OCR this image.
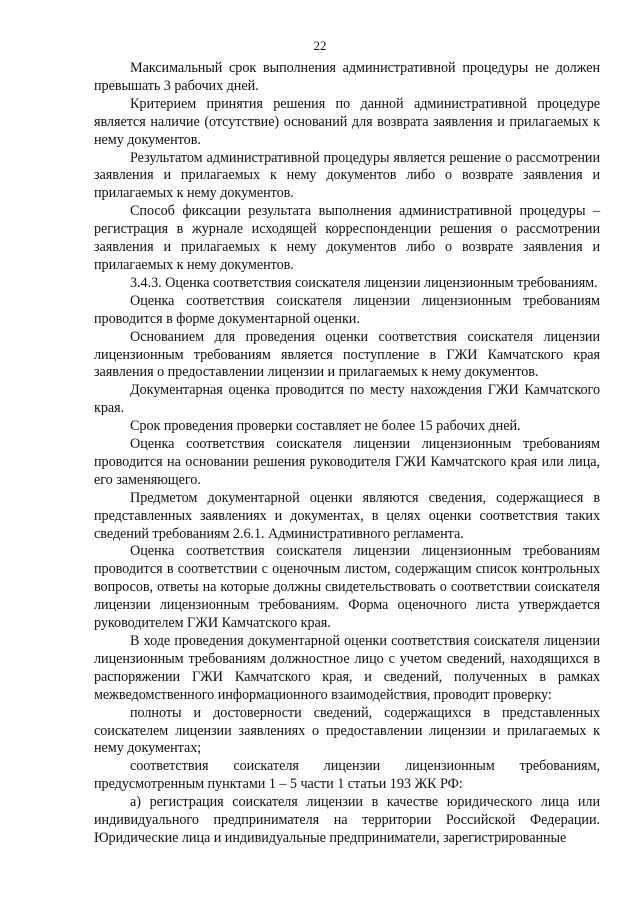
22

Максимальный срок выполнения административной процедуры не должен превышать 3 рабочих дней.

Критерием принятия решения по данной административной процедуре является наличие (отсутствие) оснований для возврата заявления и прилагаемых к нему документов.

Результатом административной процедуры является решение о рассмотрении заявления и прилагаемых к нему документов либо о возврате заявления и прилагаемых к нему документов.

Способ фиксации результата выполнения административной процедуры – регистрация в журнале исходящей корреспонденции решения о рассмотрении заявления и прилагаемых к нему документов либо о возврате заявления и прилагаемых к нему документов.

3.4.3. Оценка соответствия соискателя лицензии лицензионным требованиям.

Оценка соответствия соискателя лицензии лицензионным требованиям проводится в форме документарной оценки.

Основанием для проведения оценки соответствия соискателя лицензии лицензионным требованиям является поступление в ГЖИ Камчатского края заявления о предоставлении лицензии и прилагаемых к нему документов.

Документарная оценка проводится по месту нахождения ГЖИ Камчатского края.

Срок проведения проверки составляет не более 15 рабочих дней.

Оценка соответствия соискателя лицензии лицензионным требованиям проводится на основании решения руководителя ГЖИ Камчатского края или лица, его заменяющего.

Предметом документарной оценки являются сведения, содержащиеся в представленных заявлениях и документах, в целях оценки соответствия таких сведений требованиям 2.6.1. Административного регламента.

Оценка соответствия соискателя лицензии лицензионным требованиям проводится в соответствии с оценочным листом, содержащим список контрольных вопросов, ответы на которые должны свидетельствовать о соответствии соискателя лицензии лицензионным требованиям. Форма оценочного листа утверждается руководителем ГЖИ Камчатского края.

В ходе проведения документарной оценки соответствия соискателя лицензии лицензионным требованиям должностное лицо с учетом сведений, находящихся в распоряжении ГЖИ Камчатского края, и сведений, полученных в рамках межведомственного информационного взаимодействия, проводит проверку:

полноты и достоверности сведений, содержащихся в представленных соискателем лицензии заявлениях о предоставлении лицензии и прилагаемых к нему документах;

соответствия соискателя лицензии лицензионным требованиям, предусмотренным пунктами 1 – 5 части 1 статьи 193 ЖК РФ:

а) регистрация соискателя лицензии в качестве юридического лица или индивидуального предпринимателя на территории Российской Федерации. Юридические лица и индивидуальные предприниматели, зарегистрированные
